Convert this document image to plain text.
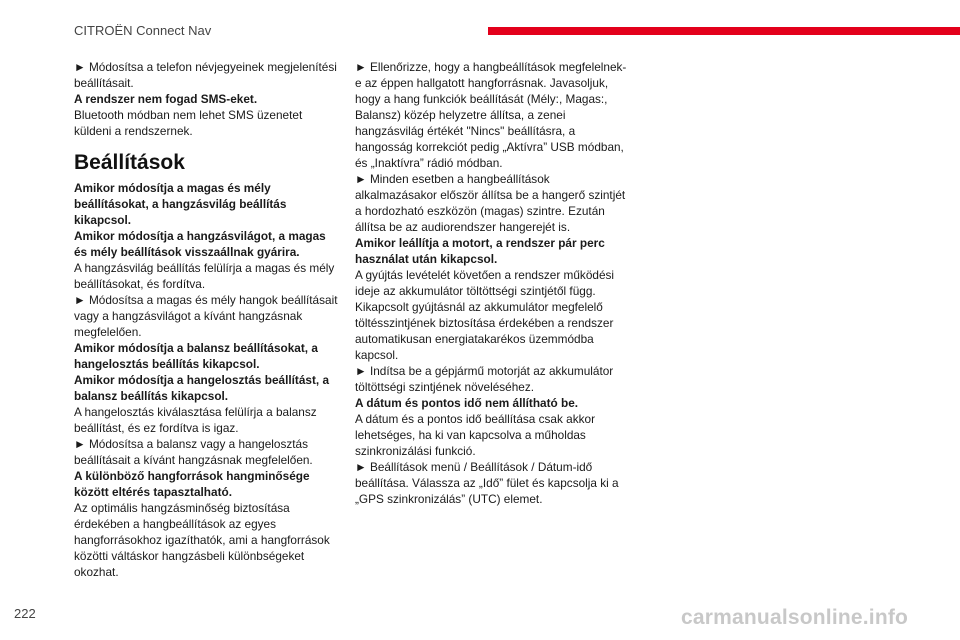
CITROËN Connect Nav

► Módosítsa a telefon névjegyeinek megjelenítési beállításait.

A rendszer nem fogad SMS-eket.

Bluetooth módban nem lehet SMS üzenetet küldeni a rendszernek.

Beállítások

Amikor módosítja a magas és mély beállításokat, a hangzásvilág beállítás kikapcsol.

Amikor módosítja a hangzásvilágot, a magas és mély beállítások visszaállnak gyárira.

A hangzásvilág beállítás felülírja a magas és mély beállításokat, és fordítva.

► Módosítsa a magas és mély hangok beállításait vagy a hangzásvilágot a kívánt hangzásnak megfelelően.

Amikor módosítja a balansz beállításokat, a hangelosztás beállítás kikapcsol.

Amikor módosítja a hangelosztás beállítást, a balansz beállítás kikapcsol.

A hangelosztás kiválasztása felülírja a balansz beállítást, és ez fordítva is igaz.

► Módosítsa a balansz vagy a hangelosztás beállításait a kívánt hangzásnak megfelelően.

A különböző hangforrások hangminősége között eltérés tapasztalható.

Az optimális hangzásminőség biztosítása érdekében a hangbeállítások az egyes hangforrásokhoz igazíthatók, ami a hangforrások közötti váltáskor hangzásbeli különbségeket okozhat.

► Ellenőrizze, hogy a hangbeállítások megfelelnek-e az éppen hallgatott hangforrásnak. Javasoljuk, hogy a hang funkciók beállítását (Mély:, Magas:, Balansz) közép helyzetre állítsa, a zenei hangzásvilág értékét "Nincs" beállításra, a hangosság korrekciót pedig „Aktívra” USB módban, és „Inaktívra” rádió módban.

► Minden esetben a hangbeállítások alkalmazásakor először állítsa be a hangerő szintjét a hordozható eszközön (magas) szintre. Ezután állítsa be az audiorendszer hangerejét is.

Amikor leállítja a motort, a rendszer pár perc használat után kikapcsol.

A gyújtás levételét követően a rendszer működési ideje az akkumulátor töltöttségi szintjétől függ.

Kikapcsolt gyújtásnál az akkumulátor megfelelő töltésszintjének biztosítása érdekében a rendszer automatikusan energiatakarékos üzemmódba kapcsol.

► Indítsa be a gépjármű motorját az akkumulátor töltöttségi szintjének növeléséhez.

A dátum és pontos idő nem állítható be.

A dátum és a pontos idő beállítása csak akkor lehetséges, ha ki van kapcsolva a műholdas szinkronizálási funkció.

► Beállítások menü / Beállítások / Dátum-idő beállítása. Válassza az „Idő” fület és kapcsolja ki a „GPS szinkronizálás” (UTC) elemet.

222	carmanualsonline.info
